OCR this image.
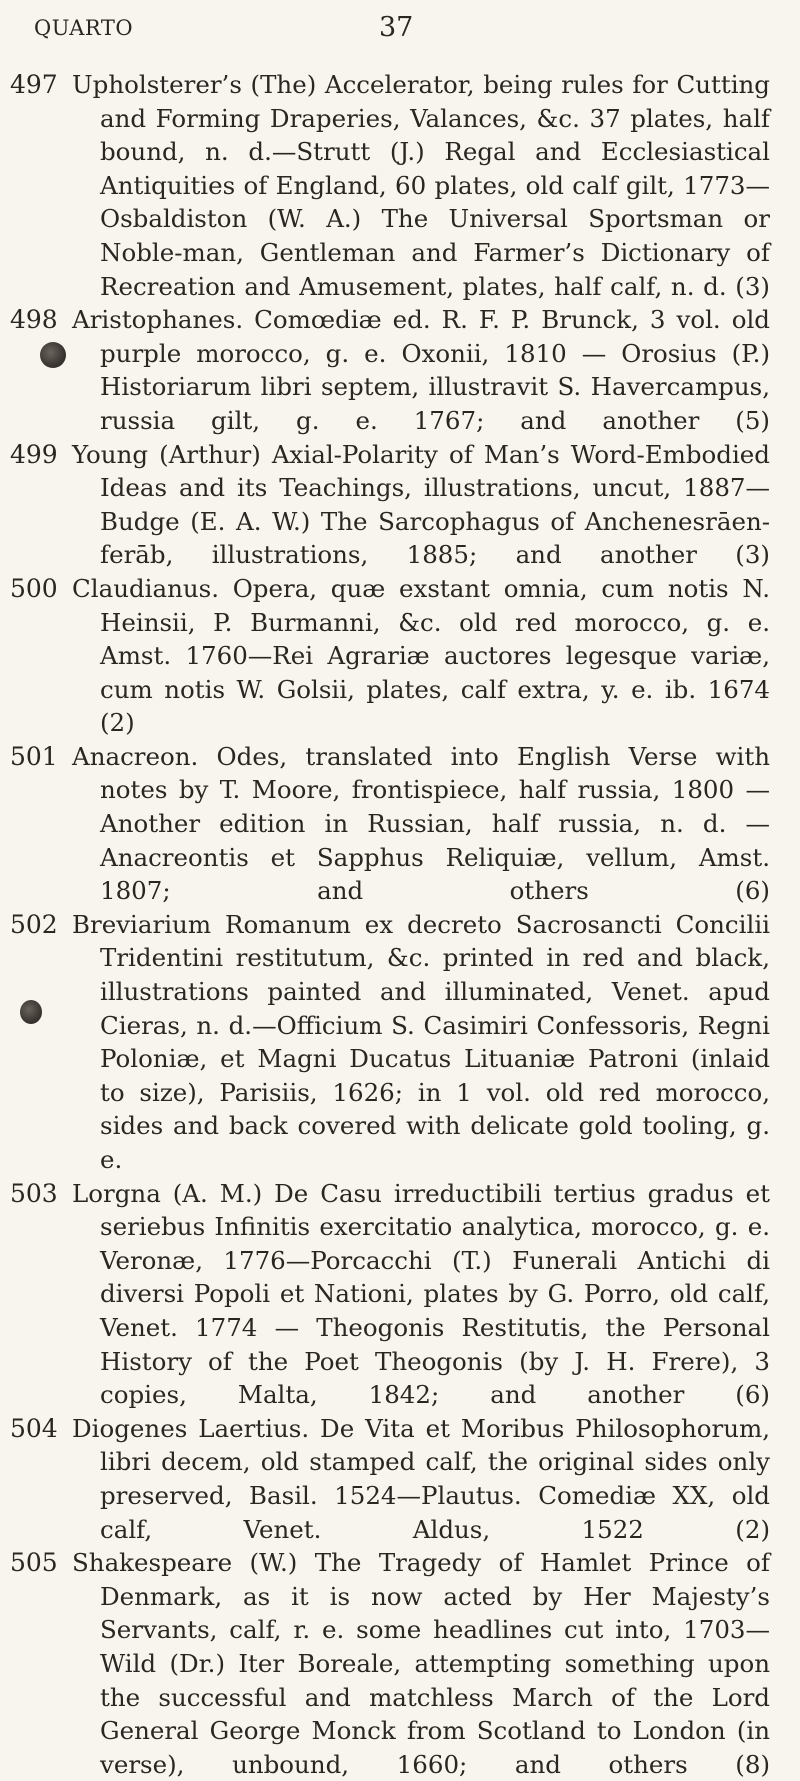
QUARTO	37
497 Upholsterer’s (The) Accelerator, being rules for Cutting and Forming Draperies, Valances, &c. 37 plates, half bound, n. d.—Strutt (J.) Regal and Ecclesiastical Antiquities of England, 60 plates, old calf gilt, 1773—Osbaldiston (W. A.) The Universal Sportsman or Noble-man, Gentleman and Farmer’s Dictionary of Recreation and Amusement, plates, half calf, n. d. (3)
498 Aristophanes. Comœdiæ ed. R. F. P. Brunck, 3 vol. old purple morocco, g. e. Oxonii, 1810 — Orosius (P.) Historiarum libri septem, illustravit S. Havercampus, russia gilt, g. e. 1767; and another (5)
499 Young (Arthur) Axial-Polarity of Man’s Word-Embodied Ideas and its Teachings, illustrations, uncut, 1887—Budge (E. A. W.) The Sarcophagus of Anchenesrāen-ferāb, illustrations, 1885; and another (3)
500 Claudianus. Opera, quæ exstant omnia, cum notis N. Heinsii, P. Burmanni, &c. old red morocco, g. e. Amst. 1760—Rei Agrariæ auctores legesque variæ, cum notis W. Golsii, plates, calf extra, y. e. ib. 1674 (2)
501 Anacreon. Odes, translated into English Verse with notes by T. Moore, frontispiece, half russia, 1800 — Another edition in Russian, half russia, n. d. — Anacreontis et Sapphus Reliquiæ, vellum, Amst. 1807; and others (6)
502 Breviarium Romanum ex decreto Sacrosancti Concilii Tridentini restitutum, &c. printed in red and black, illustrations painted and illuminated, Venet. apud Cieras, n. d.—Officium S. Casimiri Confessoris, Regni Poloniæ, et Magni Ducatus Lituaniæ Patroni (inlaid to size), Parisiis, 1626; in 1 vol. old red morocco, sides and back covered with delicate gold tooling, g. e.
503 Lorgna (A. M.) De Casu irreductibili tertius gradus et seriebus Infinitis exercitatio analytica, morocco, g. e. Veronæ, 1776—Porcacchi (T.) Funerali Antichi di diversi Popoli et Nationi, plates by G. Porro, old calf, Venet. 1774 — Theogonis Restitutis, the Personal History of the Poet Theogonis (by J. H. Frere), 3 copies, Malta, 1842; and another (6)
504 Diogenes Laertius. De Vita et Moribus Philosophorum, libri decem, old stamped calf, the original sides only preserved, Basil. 1524—Plautus. Comediæ XX, old calf, Venet. Aldus, 1522 (2)
505 Shakespeare (W.) The Tragedy of Hamlet Prince of Denmark, as it is now acted by Her Majesty’s Servants, calf, r. e. some headlines cut into, 1703—Wild (Dr.) Iter Boreale, attempting something upon the successful and matchless March of the Lord General George Monck from Scotland to London (in verse), unbound, 1660; and others (8)
